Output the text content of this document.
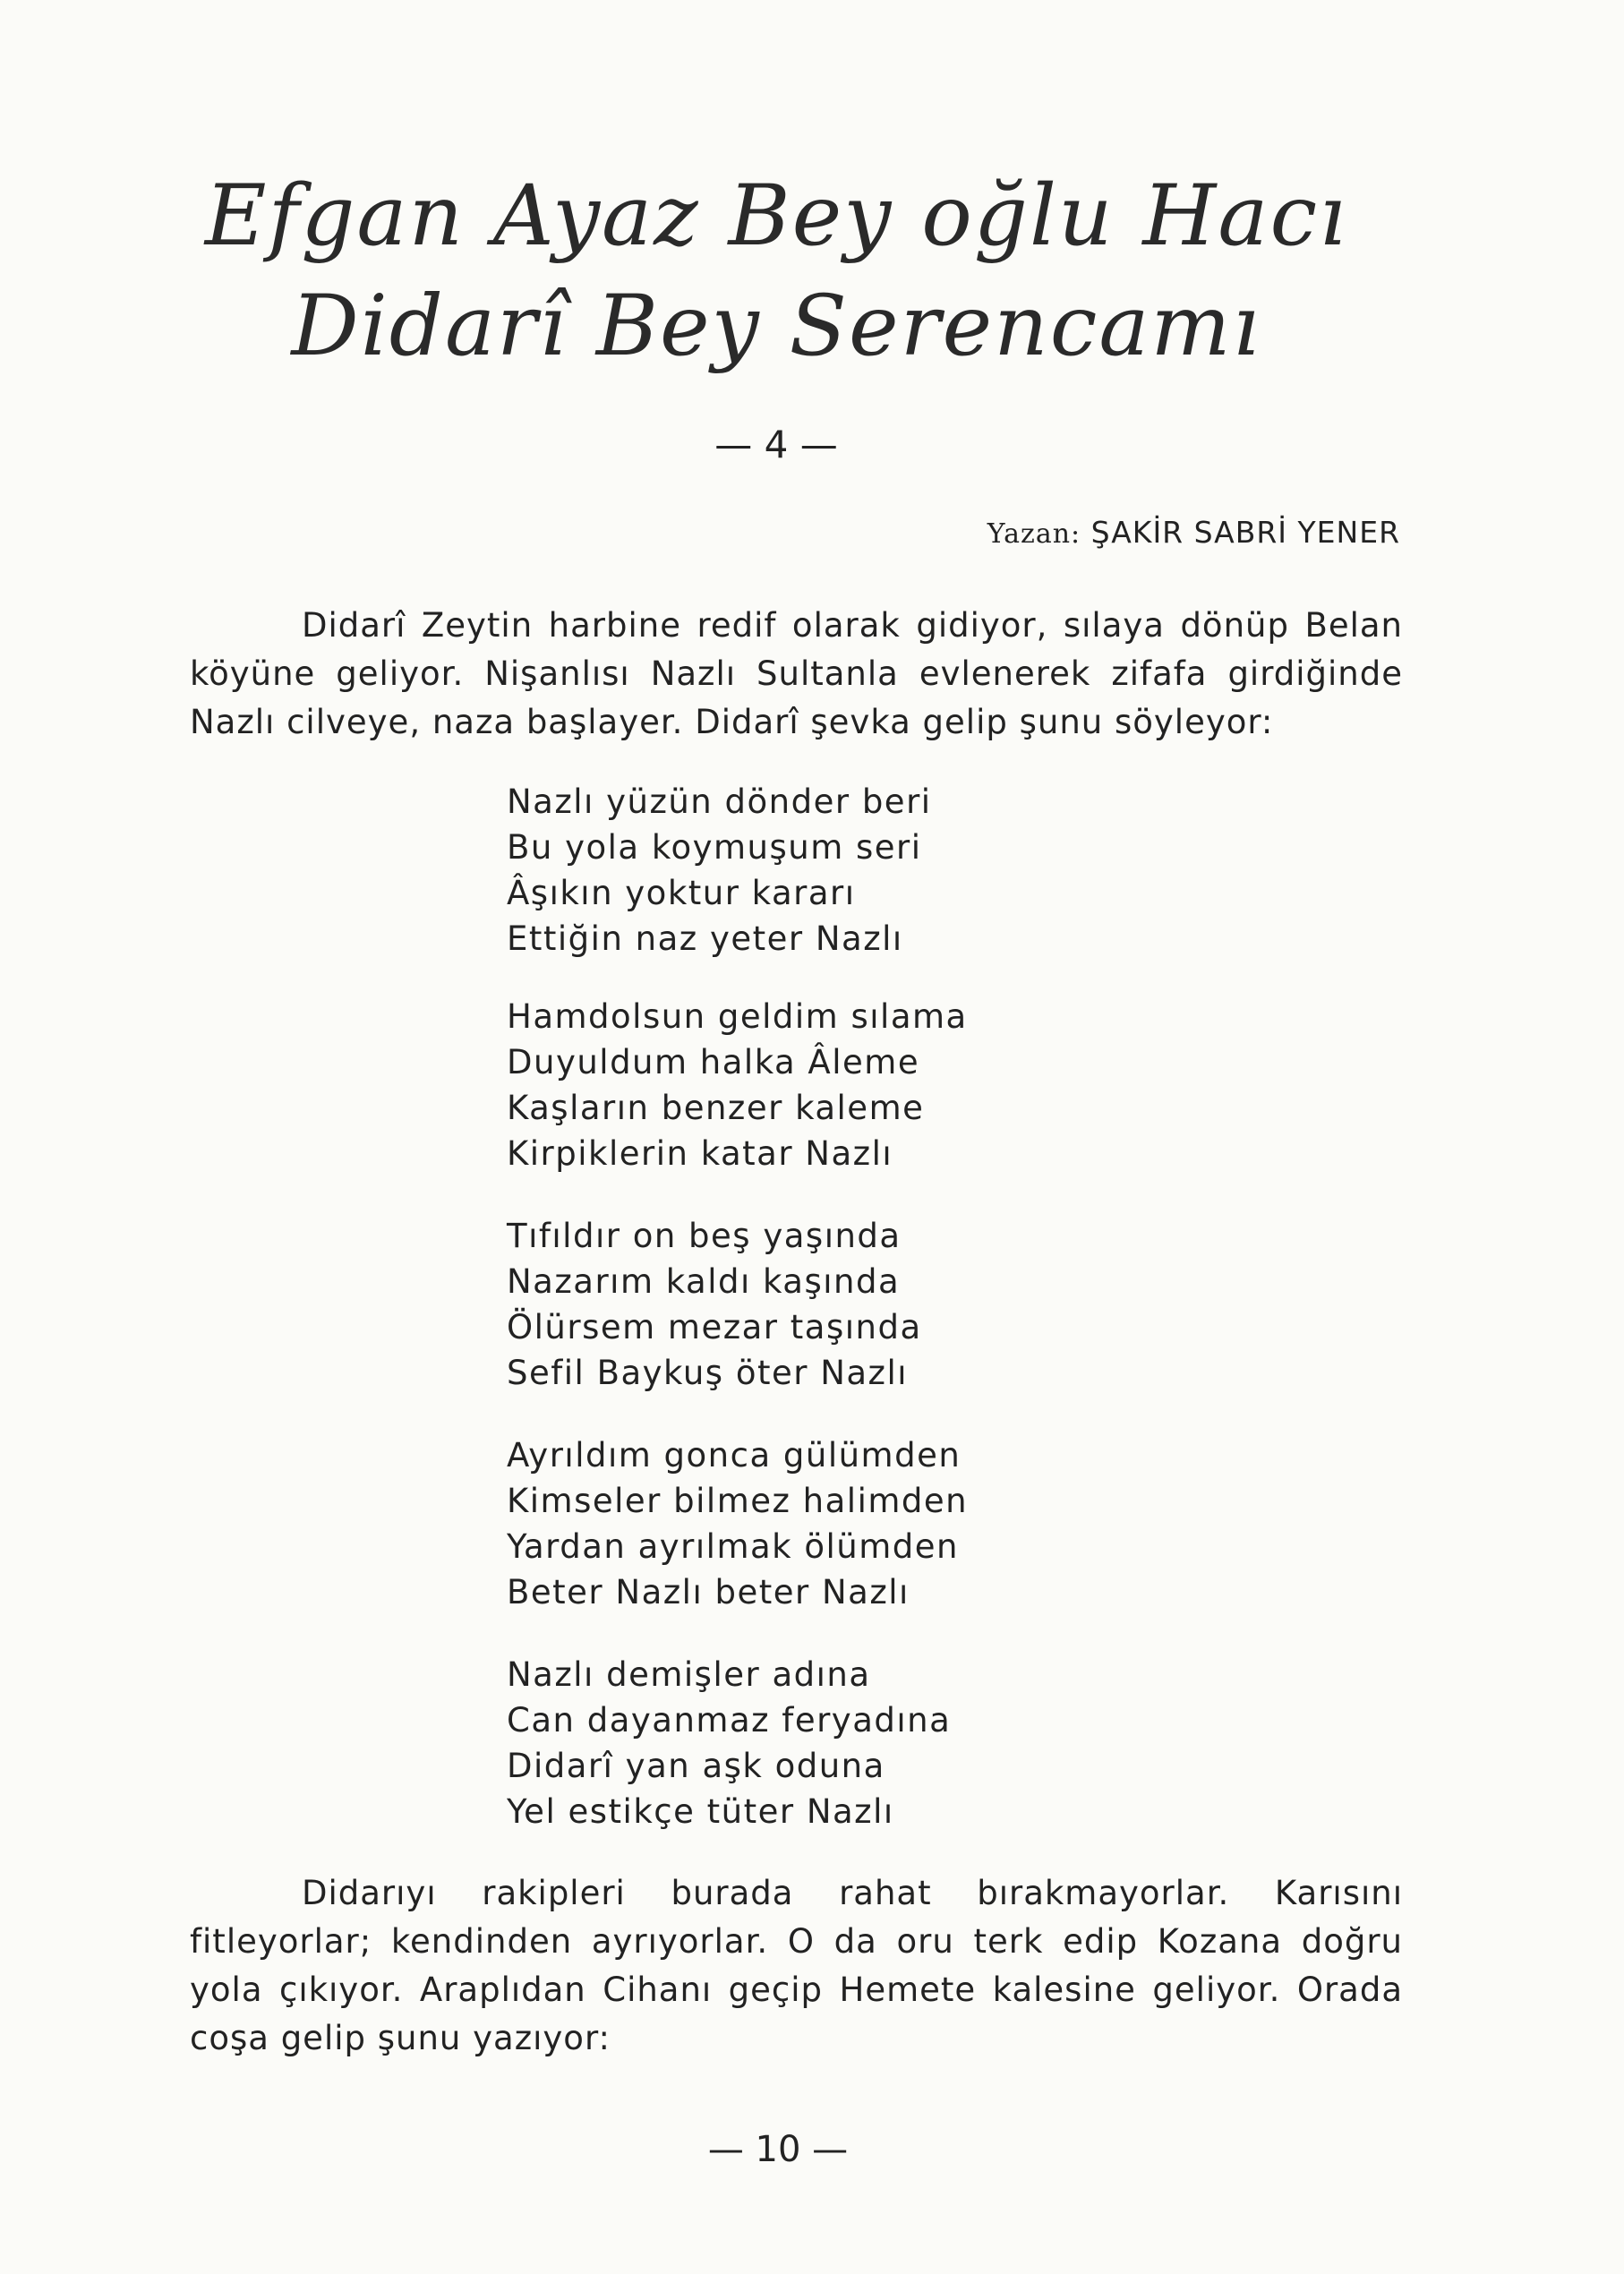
Efgan Ayaz Bey oğlu Hacı
Didarî Bey Serencamı
— 4 —
Yazan: ŞAKİR SABRİ YENER

Didarî Zeytin harbine redif olarak gidiyor, sılaya dönüp Belan köyüne geliyor. Nişanlısı Nazlı Sultanla evlenerek zifafa girdiğinde Nazlı cilveye, naza başlayer. Didarî şevka gelip şunu söyleyor:

Nazlı yüzün dönder beri
Bu yola koymuşum seri
Âşıkın yoktur kararı
Ettiğin naz yeter Nazlı
Hamdolsun geldim sılama
Duyuldum halka Âleme
Kaşların benzer kaleme
Kirpiklerin katar Nazlı
Tıfıldır on beş yaşında
Nazarım kaldı kaşında
Ölürsem mezar taşında
Sefil Baykuş öter Nazlı
Ayrıldım gonca gülümden
Kimseler bilmez halimden
Yardan ayrılmak ölümden
Beter Nazlı beter Nazlı
Nazlı demişler adına
Can dayanmaz feryadına
Didarî yan aşk oduna
Yel estikçe tüter Nazlı

Didarıyı rakipleri burada rahat bırakmayorlar. Karısını fitleyorlar; kendinden ayrıyorlar. O da oru terk edip Kozana doğru yola çıkıyor. Araplıdan Cihanı geçip Hemete kalesine geliyor. Orada coşa gelip şunu yazıyor:

— 10 —
